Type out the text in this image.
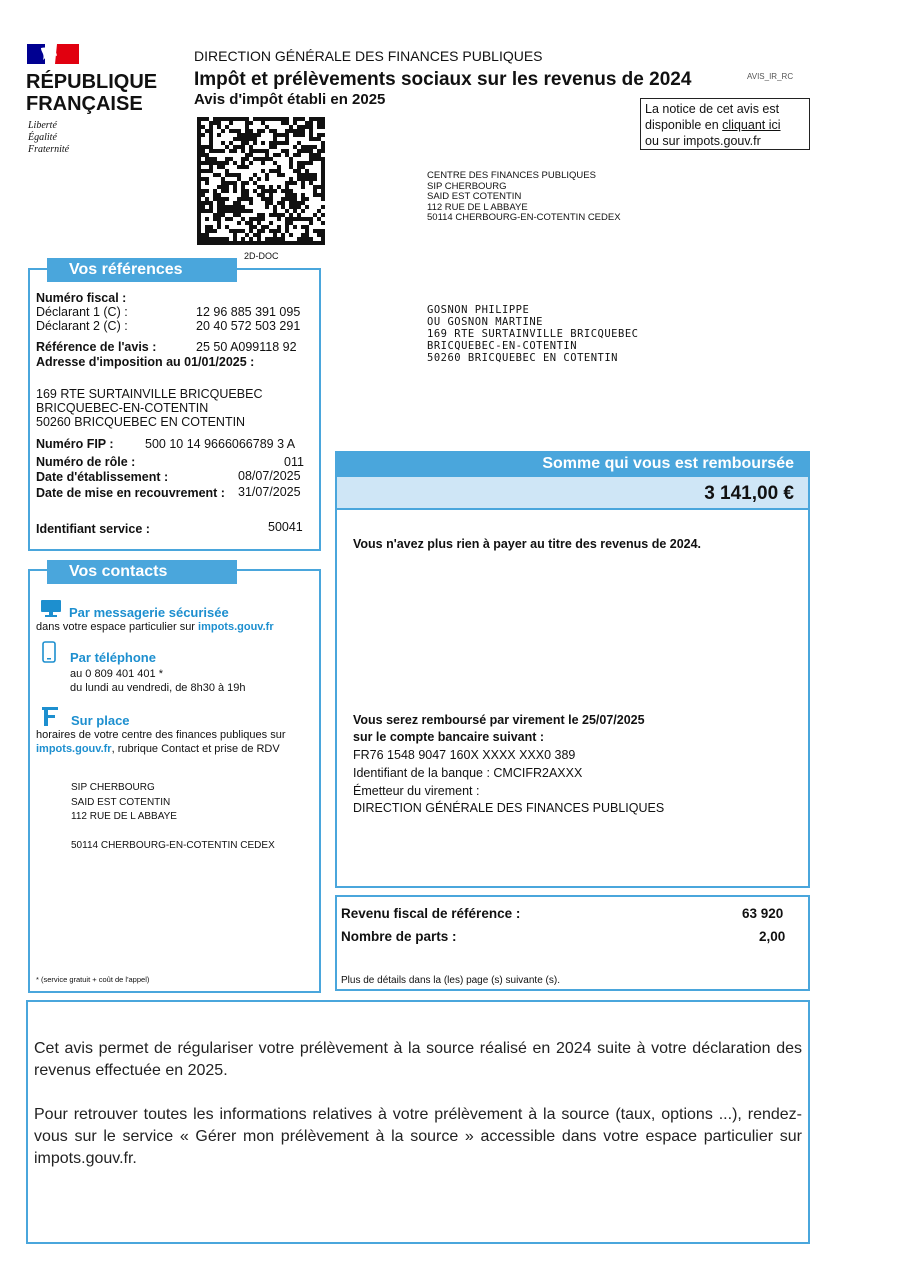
RÉPUBLIQUE
FRANÇAISE
Liberté
Égalité
Fraternité
DIRECTION GÉNÉRALE DES FINANCES PUBLIQUES
Impôt et prélèvements sociaux sur les revenus de 2024	AVIS_IR_RC
Avis d'impôt établi en 2025
La notice de cet avis est
disponible en cliquant ici
ou sur impots.gouv.fr
2D-DOC
CENTRE DES FINANCES PUBLIQUES
SIP CHERBOURG
SAID EST COTENTIN
112 RUE DE L ABBAYE
50114 CHERBOURG-EN-COTENTIN CEDEX
GOSNON PHILIPPE
OU GOSNON MARTINE
169 RTE SURTAINVILLE BRICQUEBEC
BRICQUEBEC-EN-COTENTIN
50260 BRICQUEBEC EN COTENTIN
Vos références
Numéro fiscal :
Déclarant 1 (C) :	12 96 885 391 095
Déclarant 2 (C) :	20 40 572 503 291
Référence de l'avis :	25 50 A099118 92
Adresse d'imposition au 01/01/2025 :
169 RTE SURTAINVILLE BRICQUEBEC
BRICQUEBEC-EN-COTENTIN
50260 BRICQUEBEC EN COTENTIN
Numéro FIP :	500 10 14 9666066789 3 A
Numéro de rôle :	011
Date d'établissement :	08/07/2025
Date de mise en recouvrement : 31/07/2025
Identifiant service :	50041
Vos contacts
Par messagerie sécurisée
dans votre espace particulier sur impots.gouv.fr
Par téléphone
au 0 809 401 401 *
du lundi au vendredi, de 8h30 à 19h
Sur place
horaires de votre centre des finances publiques sur
impots.gouv.fr, rubrique Contact et prise de RDV
SIP CHERBOURG
SAID EST COTENTIN
112 RUE DE L ABBAYE
50114 CHERBOURG-EN-COTENTIN CEDEX
* (service gratuit + coût de l'appel)
Somme qui vous est remboursée
3 141,00 €
Vous n'avez plus rien à payer au titre des revenus de 2024.
Vous serez remboursé par virement le 25/07/2025
sur le compte bancaire suivant :
FR76 1548 9047 160X XXXX XXX0 389
Identifiant de la banque : CMCIFR2AXXX
Émetteur du virement :
DIRECTION GÉNÉRALE DES FINANCES PUBLIQUES
Revenu fiscal de référence :	63 920
Nombre de parts :	2,00
Plus de détails dans la (les) page (s) suivante (s).
Cet avis permet de régulariser votre prélèvement à la source réalisé en 2024 suite à votre déclaration des revenus effectuée en 2025.
Pour retrouver toutes les informations relatives à votre prélèvement à la source (taux, options ...), rendez-vous sur le service « Gérer mon prélèvement à la source » accessible dans votre espace particulier sur impots.gouv.fr.
